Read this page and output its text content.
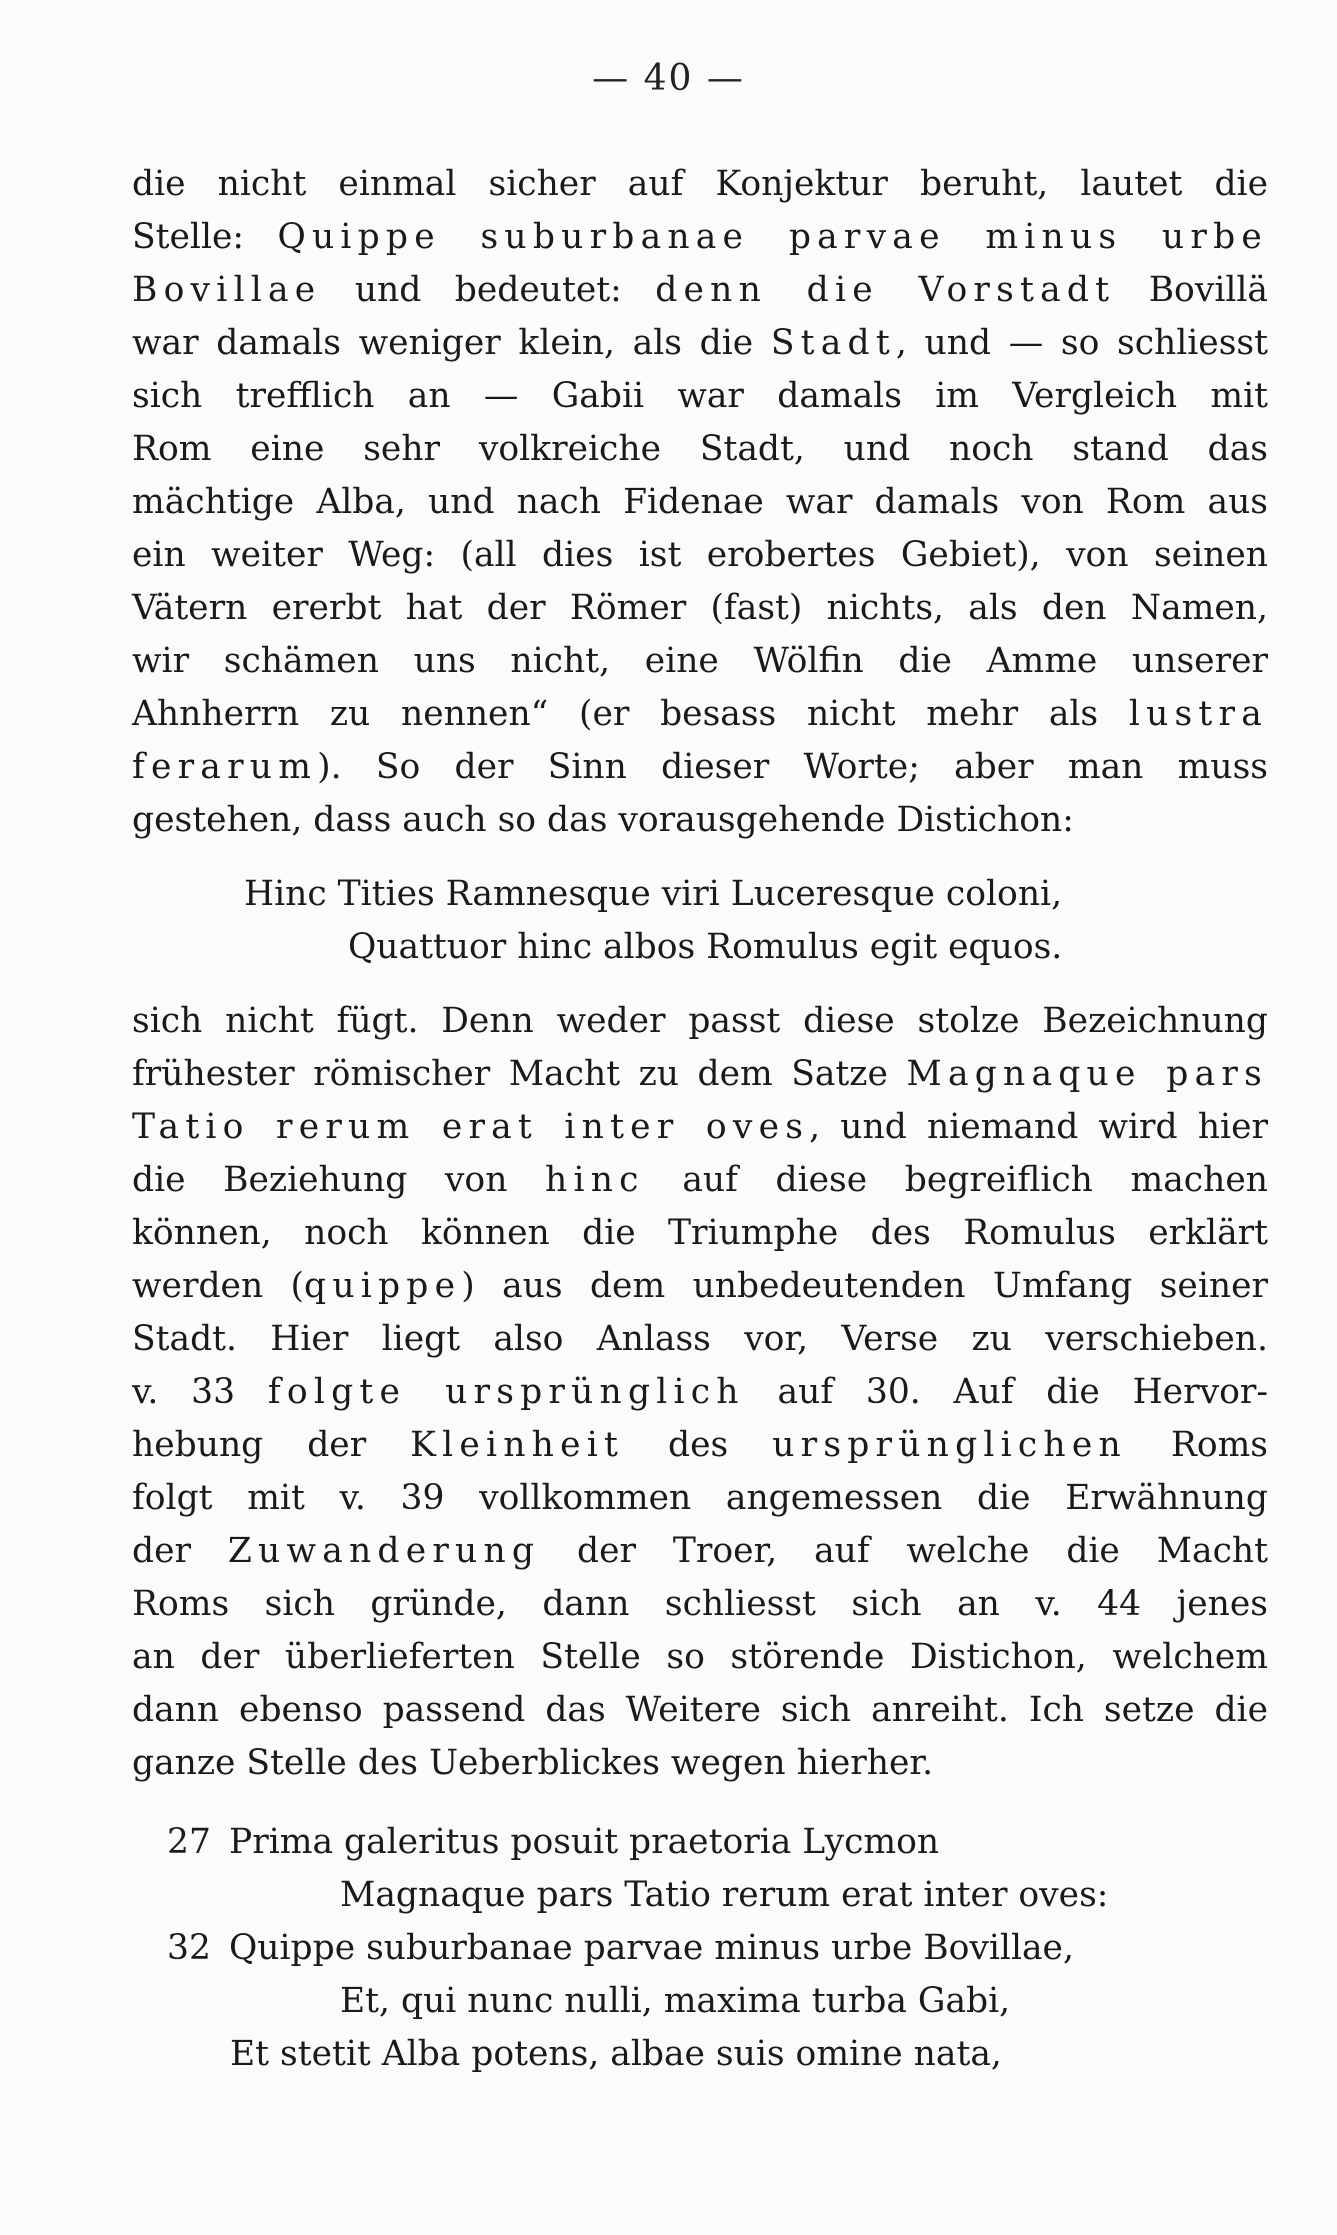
— 40 —
die nicht einmal sicher auf Konjektur beruht, lautet die
Stelle: Quippe suburbanae parvae minus urbe
Bovillae und bedeutet: denn die Vorstadt Bovillä
war damals weniger klein, als die Stadt, und — so schliesst
sich trefflich an — Gabii war damals im Vergleich mit
Rom eine sehr volkreiche Stadt, und noch stand das
mächtige Alba, und nach Fidenae war damals von Rom aus
ein weiter Weg: (all dies ist erobertes Gebiet), von seinen
Vätern ererbt hat der Römer (fast) nichts, als den Namen,
wir schämen uns nicht, eine Wölfin die Amme unserer
Ahnherrn zu nennen“ (er besass nicht mehr als lustra
ferarum). So der Sinn dieser Worte; aber man muss
gestehen, dass auch so das vorausgehende Distichon:
Hinc Tities Ramnesque viri Luceresque coloni,
Quattuor hinc albos Romulus egit equos.
sich nicht fügt. Denn weder passt diese stolze Bezeichnung
frühester römischer Macht zu dem Satze Magnaque pars
Tatio rerum erat inter oves, und niemand wird hier
die Beziehung von hinc auf diese begreiflich machen
können, noch können die Triumphe des Romulus erklärt
werden (quippe) aus dem unbedeutenden Umfang seiner
Stadt. Hier liegt also Anlass vor, Verse zu verschieben.
v. 33 folgte ursprünglich auf 30. Auf die Hervor-
hebung der Kleinheit des ursprünglichen Roms
folgt mit v. 39 vollkommen angemessen die Erwähnung
der Zuwanderung der Troer, auf welche die Macht
Roms sich gründe, dann schliesst sich an v. 44 jenes
an der überlieferten Stelle so störende Distichon, welchem
dann ebenso passend das Weitere sich anreiht. Ich setze die
ganze Stelle des Ueberblickes wegen hierher.
27 Prima galeritus posuit praetoria Lycmon
Magnaque pars Tatio rerum erat inter oves:
32 Quippe suburbanae parvae minus urbe Bovillae,
Et, qui nunc nulli, maxima turba Gabi,
Et stetit Alba potens, albae suis omine nata,
